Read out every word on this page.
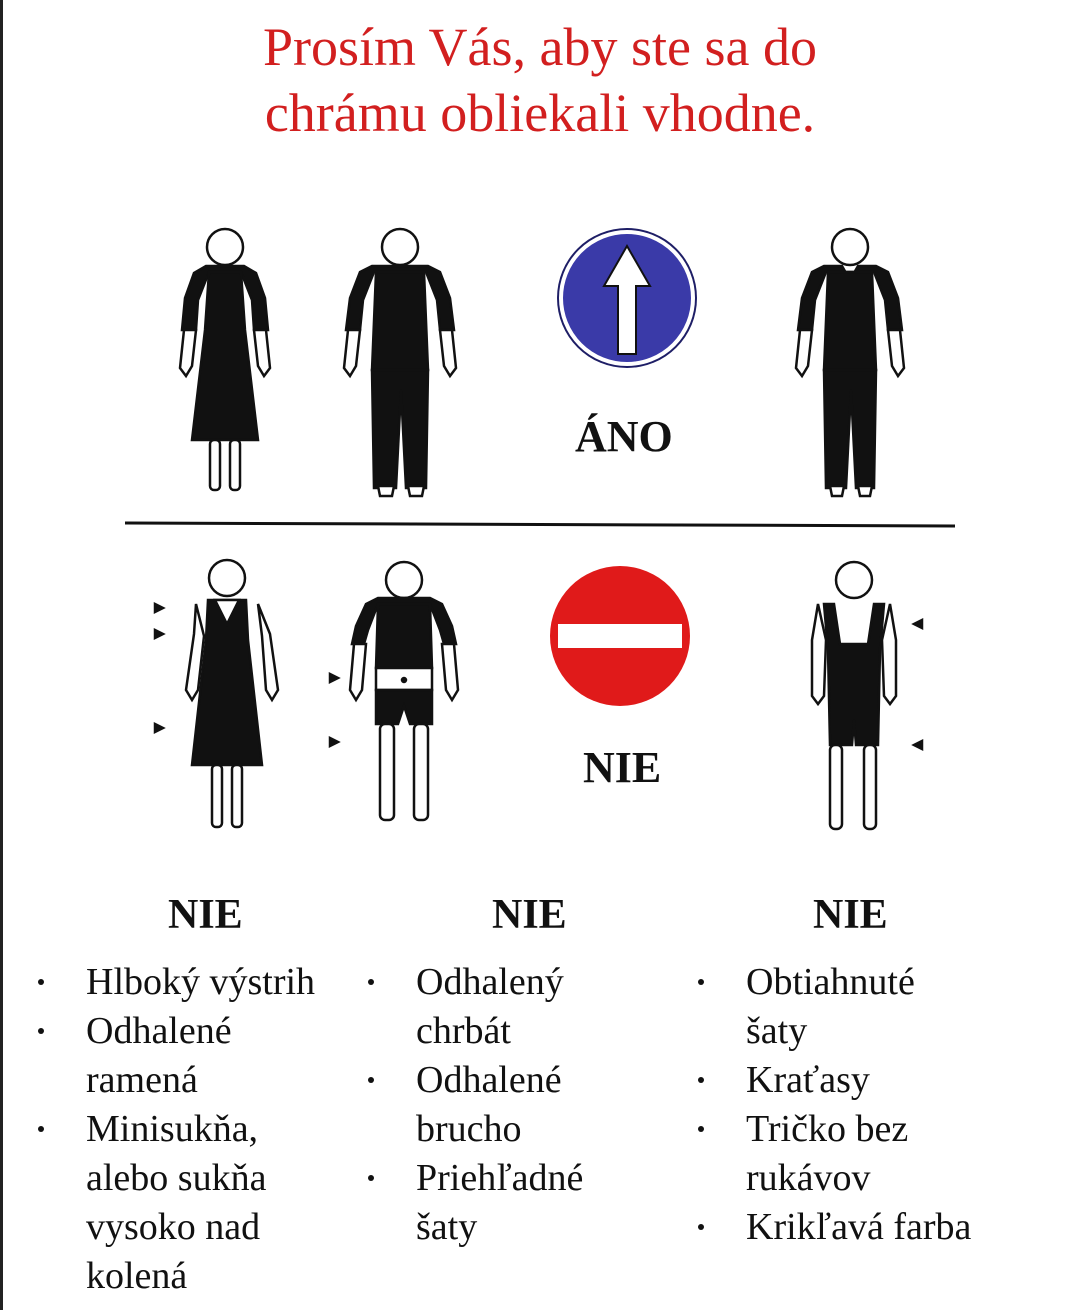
Prosím Vás, aby ste sa do
chrámu obliekali vhodne.
ÁNO
NIE
NIE
Hlboký výstrih
Odhalené
ramená
Minisukňa,
alebo sukňa
vysoko nad
kolená
NIE
Odhalený
chrbát
Odhalené
brucho
Priehľadné
šaty
NIE
Obtiahnuté
šaty
Kraťasy
Tričko bez
rukávov
Krikľavá farba
